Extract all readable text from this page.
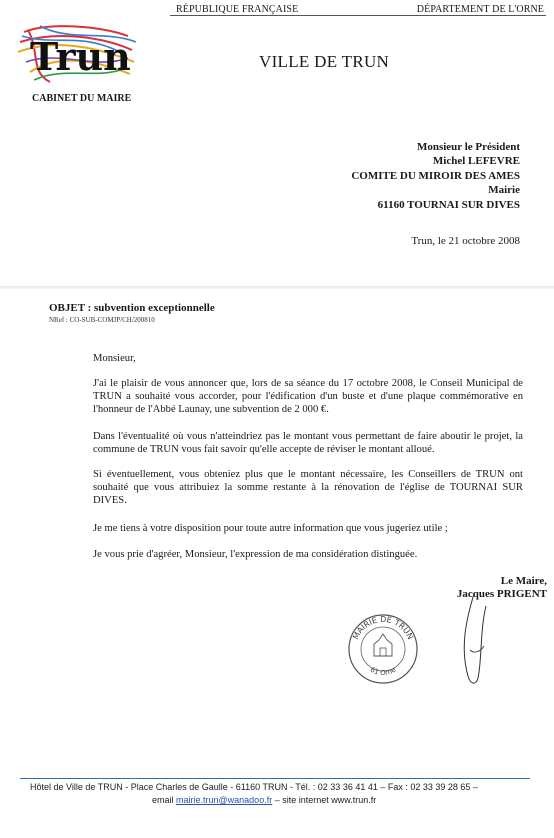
RÉPUBLIQUE FRANÇAISE	DÉPARTEMENT DE L'ORNE
Trun
CABINET DU MAIRE
VILLE DE TRUN
Monsieur le Président
Michel LEFEVRE
COMITE DU MIROIR DES AMES
Mairie
61160 TOURNAI SUR DIVES
Trun, le 21 octobre 2008
OBJET : subvention exceptionnelle
NRef : CO-SUB-COMJP/CH/200810
Monsieur,
J'ai le plaisir de vous annoncer que, lors de sa séance du 17 octobre 2008, le Conseil Municipal de TRUN a souhaité vous accorder, pour l'édification d'un buste et d'une plaque commémorative en l'honneur de l'Abbé Launay, une subvention de 2 000 €.
Dans l'éventualité où vous n'atteindriez pas le montant vous permettant de faire aboutir le projet, la commune de TRUN vous fait savoir qu'elle accepte de réviser le montant alloué.
Si éventuellement, vous obteniez plus que le montant nécessaire, les Conseillers de TRUN ont souhaité que vous attribuiez la somme restante à la rénovation de l'église de TOURNAI SUR DIVES.
Je me tiens à votre disposition pour toute autre information que vous jugeriez utile ;
Je vous prie d'agréer, Monsieur, l'expression de ma considération distinguée.
Le Maire,
Jacques PRIGENT
MAIRIE DE TRUN
61 Orne
Hôtel de Ville de TRUN - Place Charles de Gaulle - 61160 TRUN - Tél. : 02 33 36 41 41 – Fax : 02 33 39 28 65 –
email mairie.trun@wanadoo.fr – site internet www.trun.fr
